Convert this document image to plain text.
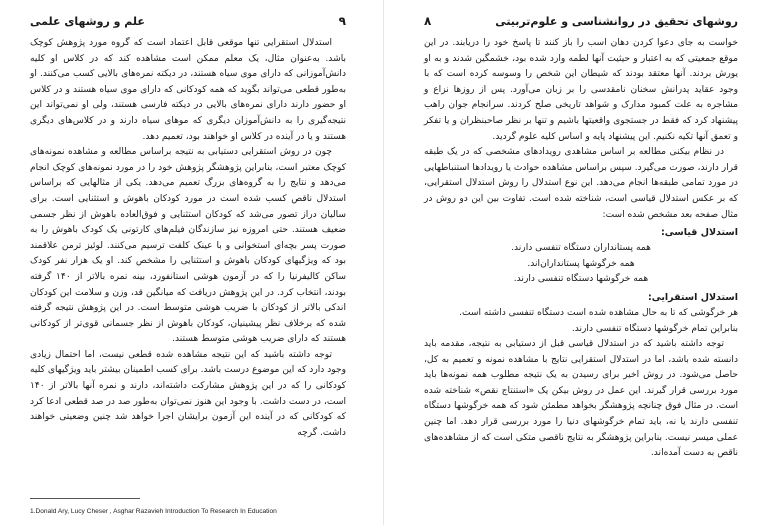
۹
علم و روشهای علمی

استدلال استقرایی تنها موقعی قابل اعتماد است که گروه مورد پژوهش کوچک باشد. به‌عنوان مثال، یک معلم ممکن است مشاهده کند که در کلاس او کلیه دانش‌آموزانی که دارای موی سیاه هستند، در دیکته نمره‌های بالایی کسب می‌کنند. او به‌طور قطعی می‌تواند بگوید که همه کودکانی که دارای موی سیاه هستند و در کلاس او حضور دارند دارای نمره‌های بالایی در دیکته فارسی هستند، ولی او نمی‌تواند این نتیجه‌گیری را به دانش‌آموزان دیگری که موهای سیاه دارند و در کلاس‌های دیگری هستند و یا در آینده در کلاس او خواهند بود، تعمیم دهد.

چون در روش استقرایی دستیابی به نتیجه براساس مطالعه و مشاهده نمونه‌های کوچک معتبر است، بنابراین پژوهشگر پژوهش خود را در مورد نمونه‌های کوچک انجام می‌دهد و نتایج را به گروه‌های بزرگ تعمیم می‌دهد. یکی از مثالهایی که براساس استدلال ناقص کسب شده است در مورد کودکان باهوش و استثنایی است. برای سالیان دراز تصور می‌شد که کودکان استثنایی و فوق‌العاده باهوش از نظر جسمی ضعیف هستند. حتی امروزه نیز سازندگان فیلم‌های کارتونی یک کودک باهوش را به صورت پسر بچه‌ای استخوانی و با عینک کلفت ترسیم می‌کنند. لوئیز ترمن علاقمند بود که ویژگیهای کودکان باهوش و استثنایی را مشخص کند. او یک هزار نفر کودک ساکن کالیفرنیا را که در آزمون هوشی استانفورد، بینه نمره بالاتر از ۱۴۰ گرفته بودند، انتخاب کرد. در این پژوهش دریافت که میانگین قد، وزن و سلامت این کودکان اندکی بالاتر از کودکان با ضریب هوشی متوسط است. در این پژوهش نتیجه گرفته شده که برخلاف نظر پیشینیان، کودکان باهوش از نظر جسمانی قوی‌تر از کودکانی هستند که دارای ضریب هوشی متوسط هستند.

توجه داشته باشید که این نتیجه مشاهده شده قطعی نیست، اما احتمال زیادی وجود دارد که این موضوع درست باشد. برای کسب اطمینان بیشتر باید ویژگیهای کلیه کودکانی را که در این پژوهش مشارکت داشته‌اند، دارند و نمره آنها بالاتر از ۱۴۰ است، در دست داشت. با وجود این هنوز نمی‌توان به‌طور صد در صد قطعی ادعا کرد که کودکانی که در آینده این آزمون برایشان اجرا خواهد شد چنین وضعیتی خواهند داشت. گرچه

1.Donald Ary, Lucy Cheser , Asghar Razavieh Introduction To Research In Education
روشهای تحقیق در روانشناسی و علوم‌تربیتی
۸

خواست به جای دعوا کردن دهان اسب را باز کنند تا پاسخ خود را دریابند. در این موقع جمعیتی که به اعتبار و حیثیت آنها لطمه وارد شده بود، خشمگین شدند و به او یورش بردند. آنها معتقد بودند که شیطان این شخص را وسوسه کرده است که با وجود عقاید پدرانش سخنان نامقدسی را بر زبان می‌آورد. پس از روزها نزاع و مشاجره به علت کمبود مدارک و شواهد تاریخی صلح کردند. سرانجام جوان راهب پیشنهاد کرد که فقط در جستجوی واقعیتها باشیم و تنها بر نظر صاحبنظران و یا تفکر و تعمق آنها تکیه نکنیم. این پیشنهاد پایه و اساس کلیه علوم گردید.

در نظام بیکنی مطالعه بر اساس مشاهدی رویدادهای مشخصی که در یک طبقه قرار دارند، صورت می‌گیرد. سپس براساس مشاهده حوادث یا رویدادها استنباطهایی در مورد تمامی طبقه‌ها انجام می‌دهد. این نوع استدلال را روش استدلال استقرایی، که بر عکس استدلال قیاسی است، شناخته شده است. تفاوت بین این دو روش در مثال صفحه بعد مشخص شده است:

استدلال قیاسی:

همه پستانداران دستگاه تنفسی دارند.

همه خرگوشها پستانداران‌اند.

همه خرگوشها دستگاه تنفسی دارند.

استدلال استقرایی:

هر خرگوشی که تا به حال مشاهده شده است دستگاه تنفسی داشته است.

بنابراین تمام خرگوشها دستگاه تنفسی دارند.

توجه داشته باشید که در استدلال قیاسی قبل از دستیابی به نتیجه، مقدمه باید دانسته شده باشد، اما در استدلال استقرایی نتایج با مشاهده نمونه و تعمیم به کل، حاصل می‌شود. در روش اخیر برای رسیدن به یک نتیجه مطلوب همه نمونه‌ها باید مورد بررسی قرار گیرند. این عمل در روش بیکن یک «استنتاج نقص» شناخته شده است. در مثال فوق چنانچه پژوهشگر بخواهد مطمئن شود که همه خرگوشها دستگاه تنفسی دارند یا نه، باید تمام خرگوشهای دنیا را مورد بررسی قرار دهد. اما چنین عملی میسر نیست. بنابراین پژوهشگر به نتایج ناقصی متکی است که از مشاهده‌های ناقص به دست آمده‌اند.
